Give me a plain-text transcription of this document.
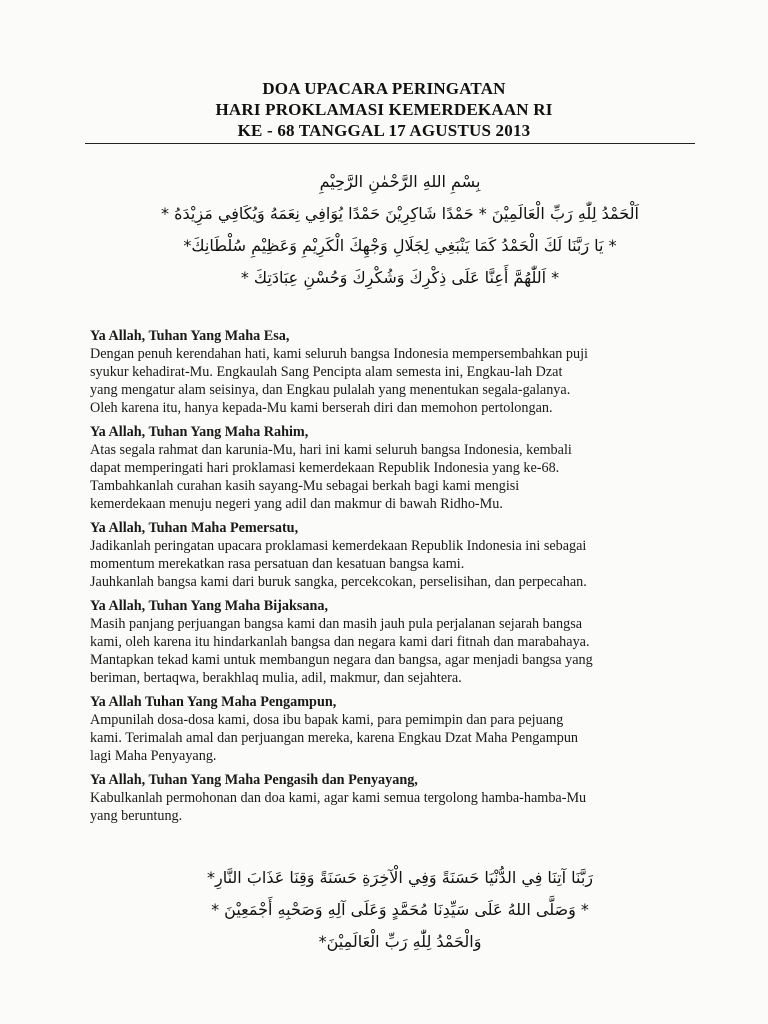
DOA UPACARA PERINGATAN
HARI PROKLAMASI KEMERDEKAAN RI
KE - 68 TANGGAL 17 AGUSTUS 2013
بِسْمِ اللهِ الرَّحْمٰنِ الرَّحِيْمِ
اَلْحَمْدُ لِلّٰهِ رَبِّ الْعَالَمِيْنَ * حَمْدًا شَاكِرِيْنَ حَمْدًا يُوَافِي نِعَمَهُ وَيُكَافِي مَزِيْدَهُ *
* يَا رَبَّنَا لَكَ الْحَمْدُ كَمَا يَنْبَغِي لِجَلَالِ وَجْهِكَ الْكَرِيْمِ وَعَظِيْمِ سُلْطَانِكَ*
* اَللّٰهُمَّ أَعِنَّا عَلَى ذِكْرِكَ وَشُكْرِكَ وَحُسْنِ عِبَادَتِكَ *

Ya Allah, Tuhan Yang Maha Esa,

Dengan penuh kerendahan hati, kami seluruh bangsa Indonesia mempersembahkan puji
syukur kehadirat-Mu. Engkaulah Sang Pencipta alam semesta ini, Engkau-lah Dzat
yang mengatur alam seisinya, dan Engkau pulalah yang menentukan segala-galanya.
Oleh karena itu, hanya kepada-Mu kami berserah diri dan memohon pertolongan.

Ya Allah, Tuhan Yang Maha Rahim,

Atas segala rahmat dan karunia-Mu, hari ini kami seluruh bangsa Indonesia, kembali
dapat memperingati hari proklamasi kemerdekaan Republik Indonesia yang ke-68.
Tambahkanlah curahan kasih sayang-Mu sebagai berkah bagi kami mengisi
kemerdekaan menuju negeri yang adil dan makmur di bawah Ridho-Mu.

Ya Allah, Tuhan Maha Pemersatu,

Jadikanlah peringatan upacara proklamasi kemerdekaan Republik Indonesia ini sebagai
momentum merekatkan rasa persatuan dan kesatuan bangsa kami.
Jauhkanlah bangsa kami dari buruk sangka, percekcokan, perselisihan, dan perpecahan.

Ya Allah, Tuhan Yang Maha Bijaksana,

Masih panjang perjuangan bangsa kami dan masih jauh pula perjalanan sejarah bangsa
kami, oleh karena itu hindarkanlah bangsa dan negara kami dari fitnah dan marabahaya.
Mantapkan tekad kami untuk membangun negara dan bangsa, agar menjadi bangsa yang
beriman, bertaqwa, berakhlaq mulia, adil, makmur, dan sejahtera.

Ya Allah Tuhan Yang Maha Pengampun,

Ampunilah dosa-dosa kami, dosa ibu bapak kami, para pemimpin dan para pejuang
kami. Terimalah amal dan perjuangan mereka, karena Engkau Dzat Maha Pengampun
lagi Maha Penyayang.

Ya Allah, Tuhan Yang Maha Pengasih dan Penyayang,

Kabulkanlah permohonan dan doa kami, agar kami semua tergolong hamba-hamba-Mu
yang beruntung.

رَبَّنَا آتِنَا فِي الدُّنْيَا حَسَنَةً وَفِي الْآخِرَةِ حَسَنَةً وَقِنَا عَذَابَ النَّارِ*
* وَصَلَّى اللهُ عَلَى سَيِّدِنَا مُحَمَّدٍ وَعَلَى آلِهِ وَصَحْبِهِ أَجْمَعِيْنَ *
وَالْحَمْدُ لِلّٰهِ رَبِّ الْعَالَمِيْنَ*
